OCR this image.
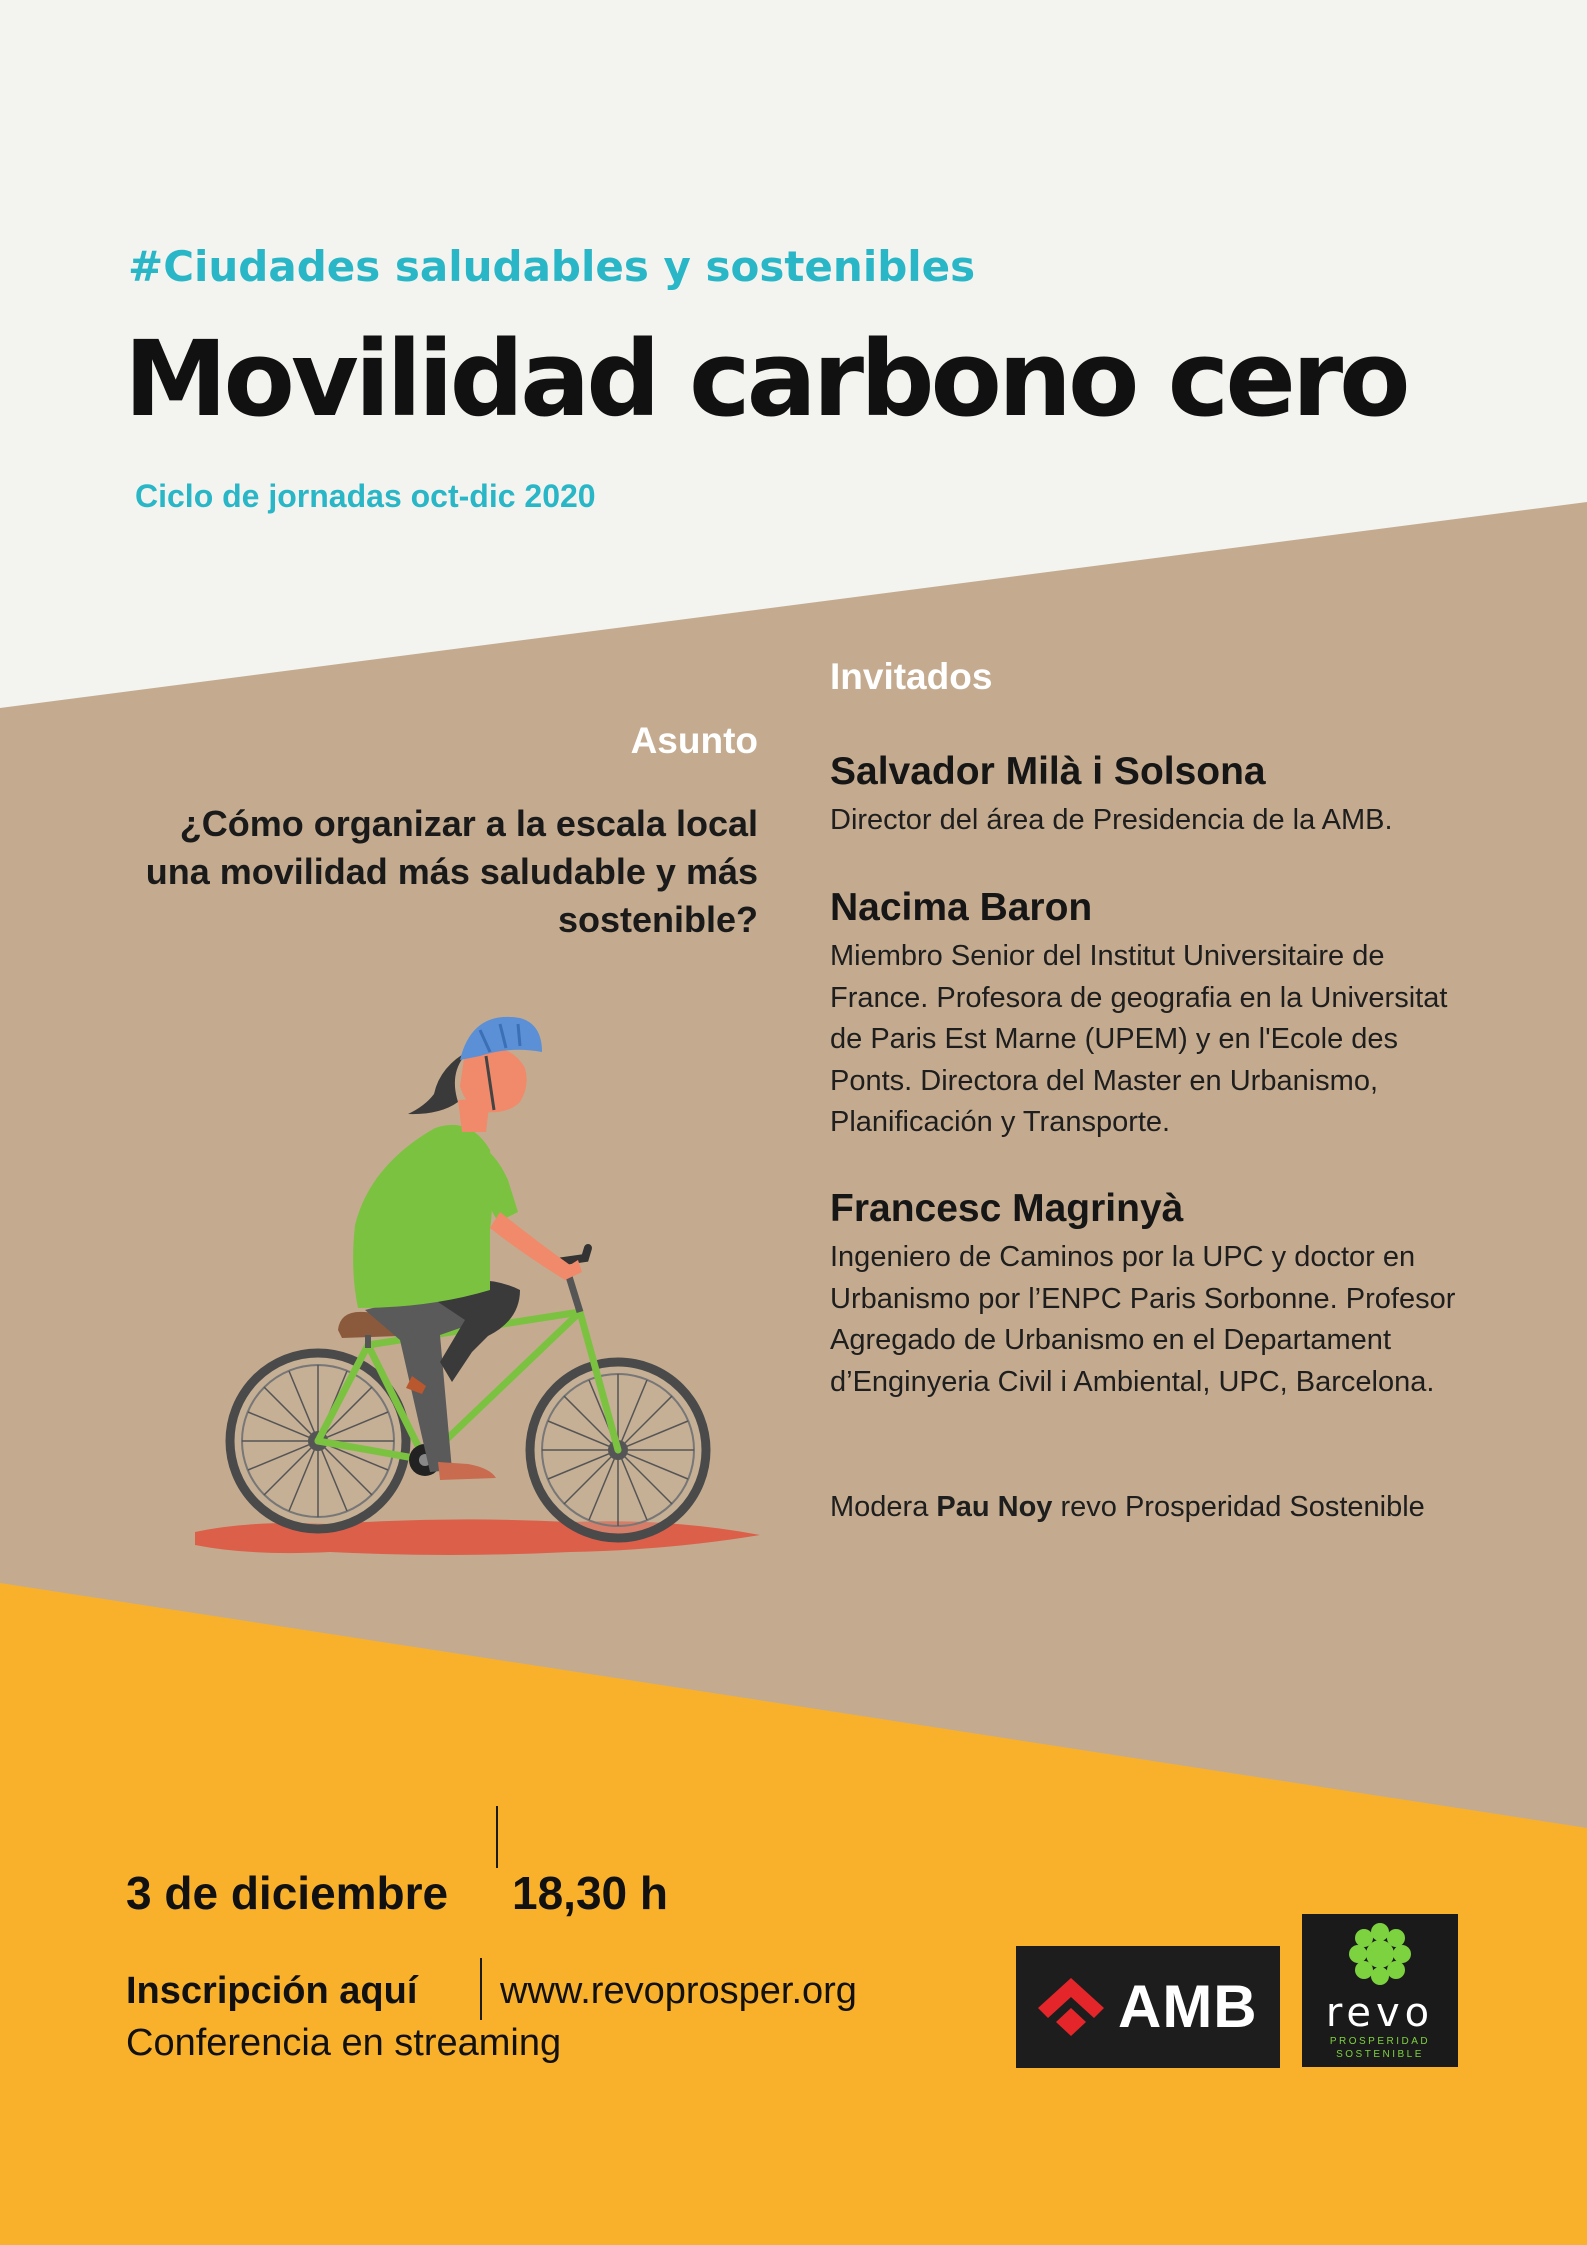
#Ciudades saludables y sostenibles
Movilidad carbono cero
Ciclo de jornadas oct-dic 2020
Asunto
¿Cómo organizar a la escala local una movilidad más saludable y más sostenible?
Invitados
Salvador Milà i Solsona
Director del área de Presidencia de la AMB.
Nacima Baron
Miembro Senior del Institut Universitaire de France. Profesora de geografia en la Universitat de Paris Est Marne (UPEM) y en l'Ecole des Ponts. Directora del Master en Urbanismo, Planificación y Transporte.
Francesc Magrinyà
Ingeniero de Caminos por la UPC y doctor en Urbanismo por l’ENPC Paris Sorbonne. Profesor Agregado de Urbanismo en el Departament d’Enginyeria Civil i Ambiental, UPC, Barcelona.
Modera Pau Noy revo Prosperidad Sostenible
3 de diciembre 18,30 h
Inscripción aquí www.revoprosper.org
Conferencia en streaming
AMB	revo
PROSPERIDAD
SOSTENIBLE
